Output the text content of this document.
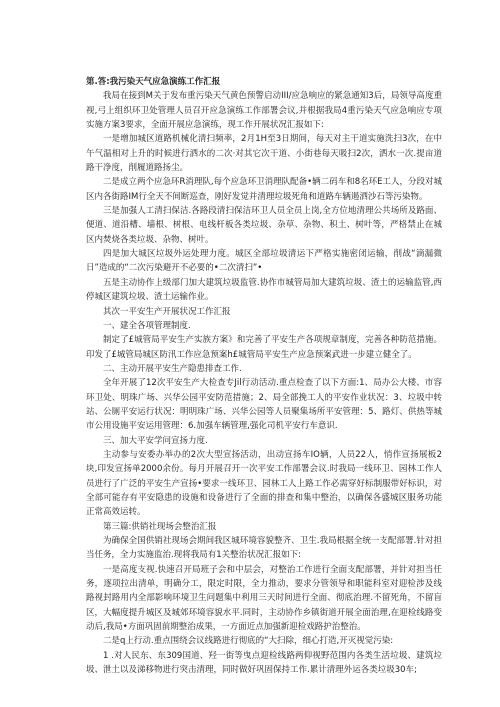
第.答:我污染天气应急演练工作汇报

我局在接到M关于发布重污染天气黄色预警启动III/应急响应的紧急通知3后，局领导高度重视,弓上组织环卫处管理人员召开应急演练工作部署会议,并根据我局4重污染天气应急响应专项实施方案3要求，全面开展应急演练，现工作开展状况汇报如下:

一是增加城区道路机械化清扫频率，2月1H至3日期间，每天对主干道实施洗扫3次，在中午气温相对上升的时候进行洒水的二次·对其它次干道、小街巷每天吸扫2次，洒水一次.提亩道路干净度，削履道路扬尘。

二是成立两个应急环R消理队,每个应急环卫消理队配备•辆二码车和8名环E工人，分段对城区内各街路IM行全天不间断巡查，刚好发觉并清理垃圾死角和道路车辆遏洒沙石等污染物。

三是加强人工清扫保洁.各路段清扫保洁环卫人员全员上岗,全方位地清理公共场所及路面、便道、道沿槽、墙根、树根、电线杆板各类垃圾、杂草、杂物、积土、树叶等，严格禁止在城区内焚烧各类垃圾、杂物、树叶。

四是加大城区垃圾外运处理力度。城区全部垃圾清运下严格实施密闭运输，削战“滴漏微日”造成的“二次污染避开不必要的•二次清扫”•

五是主动协作上级部门加大建筑垃圾监管.协作市城管局加大建筑垃圾、渣土的运输监管,西停城区建筑垃圾、渣土运输作业。

其次一平安生产开展状况工作汇报

一、建全各项管理制度.

制定了£城管局平安生产实族方案》和完善了平安生产各项规章制度，完善各种防范措施。印发了£城管局城区防汛工作应急预案h£城管局平安生产应急预案武进一步建立健全了。

二、主动开展平安生产隐患排查工作.

全年开展了12次平安生产大检查专Jil行动活动.重点检查了以下方面:1、局办公大楼、市容环卫处、明珠广场、兴华公园平安防范措施；2、局全部挽工人的平安作业状况：3、垃圾中转站、公厕平安运行状况：明明珠广场、兴华公园等人员聚集场所平安管理：5、路灯、供热等城市公用设施平安运用管理：6.加强车辆管理,强化司机平安行车意识.

三、加大平安学问宣扬力度.

主动参与安委办举办的2次大型宣扬活动，出动宣扬车IO辆，人员22人，悄作宣扬展板2块,印发宣扬单2000余份。每月开展召开一次平安工作部署会议.时我局一线环卫、园林工作人员进行了广泛的平安生产宣扬•要求一线环卫、园林工人上路工作必需穿好标制服带好标识，对全部可能存有平安隐患的设施和设备进行了全面的排查和集中整治，以确保各盛城区服务功能正常高效运转。

第三篇:供销社现场会整治汇报

为确保全国供销社现场会期间我区城环境容貌整齐、卫生.我局根据全统一支配部署.针对担当任务，全力实施监治.现将我局有1关整治状况汇报如下:

一是高度支视.快速召开局班子会和中层会，对整治工作进行全面支配部署，并针对担当任务，逐项拉出清单，明确分工，限定时限，全力推动，要求分管领导和职能科室对迎检涉及线路视封路用内全部影响环境卫生问题集中利用三天时间进行全面、彻底治理.不留死角，不留盲区，大幅度提升城区及城郊环境容貌水平.同时，主动协作乡镇街道开展全面治理,在迎检线路变动后,我局•方面巩固前期整治成果，一方面近点加强新迎检戏路护治整治。

二是q上行动.重点围绕会议线路进行彻底的“大扫除，细心打造,开灭视觉污染:

1 .对人民东、东309国道、羟一街等曳点迎检线路两仰视野范围内各类生活垃圾、建筑垃圾、泄土以及涕移物进行突击清理，同时做好巩固保持工作.累计清理外运各类垃圾30车;
